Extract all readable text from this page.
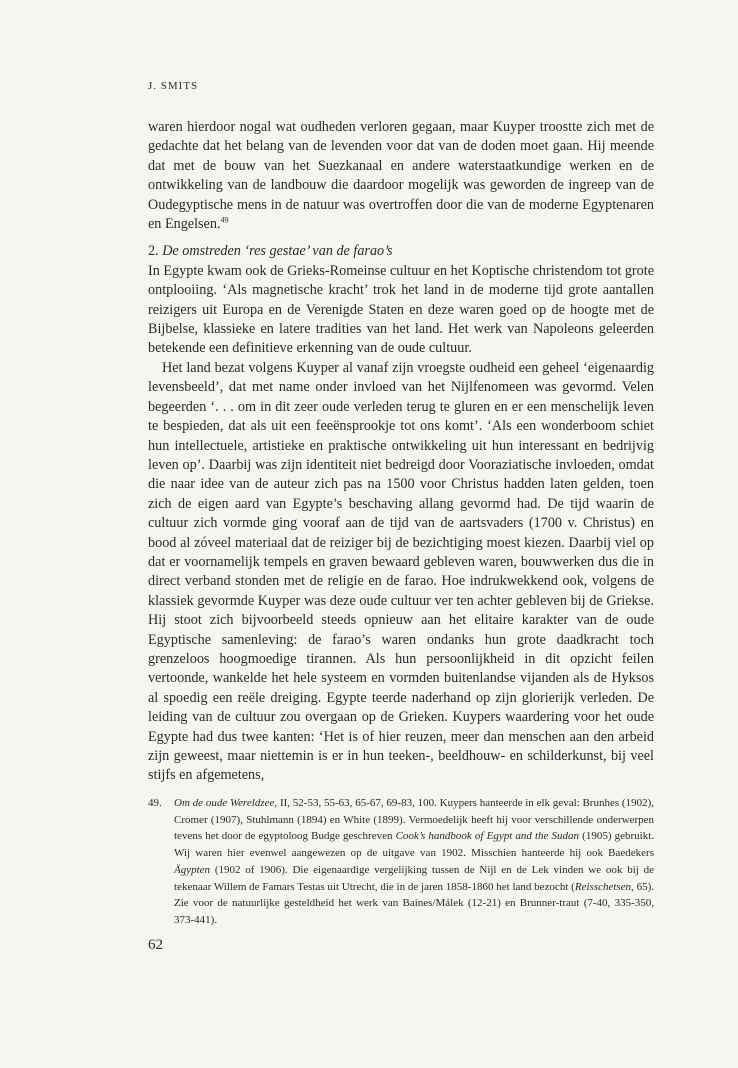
J. SMITS

waren hierdoor nogal wat oudheden verloren gegaan, maar Kuyper troostte zich met de gedachte dat het belang van de levenden voor dat van de doden moet gaan. Hij meende dat met de bouw van het Suezkanaal en andere waterstaatkundige werken en de ontwikkeling van de landbouw die daardoor mogelijk was geworden de ingreep van de Oudegyptische mens in de natuur was overtroffen door die van de moderne Egyptenaren en Engelsen.$^{49}$

2. De omstreden ‘res gestae’ van de farao’s

In Egypte kwam ook de Grieks-Romeinse cultuur en het Koptische christendom tot grote ontplooiing. ‘Als magnetische kracht’ trok het land in de moderne tijd grote aantallen reizigers uit Europa en de Verenigde Staten en deze waren goed op de hoogte met de Bijbelse, klassieke en latere tradities van het land. Het werk van Napoleons geleerden betekende een definitieve erkenning van de oude cultuur.

Het land bezat volgens Kuyper al vanaf zijn vroegste oudheid een geheel ‘eigenaardig levensbeeld’, dat met name onder invloed van het Nijlfenomeen was gevormd. Velen begeerden ‘. . . om in dit zeer oude verleden terug te gluren en er een menschelijk leven te bespieden, dat als uit een feeënsprookje tot ons komt’. ‘Als een wonderboom schiet hun intellectuele, artistieke en praktische ontwikkeling uit hun interessant en bedrijvig leven op’. Daarbij was zijn identiteit niet bedreigd door Vooraziatische invloeden, omdat die naar idee van de auteur zich pas na 1500 voor Christus hadden laten gelden, toen zich de eigen aard van Egypte’s beschaving allang gevormd had. De tijd waarin de cultuur zich vormde ging vooraf aan de tijd van de aartsvaders (1700 v. Christus) en bood al zóveel materiaal dat de reiziger bij de bezichtiging moest kiezen. Daarbij viel op dat er voornamelijk tempels en graven bewaard gebleven waren, bouwwerken dus die in direct verband stonden met de religie en de farao. Hoe indrukwekkend ook, volgens de klassiek gevormde Kuyper was deze oude cultuur ver ten achter gebleven bij de Griekse. Hij stoot zich bijvoorbeeld steeds opnieuw aan het elitaire karakter van de oude Egyptische samenleving: de farao’s waren ondanks hun grote daadkracht toch grenzeloos hoogmoedige tirannen. Als hun persoonlijkheid in dit opzicht feilen vertoonde, wankelde het hele systeem en vormden buitenlandse vijanden als de Hyksos al spoedig een reële dreiging. Egypte teerde naderhand op zijn glorierijk verleden. De leiding van de cultuur zou overgaan op de Grieken. Kuypers waardering voor het oude Egypte had dus twee kanten: ‘Het is of hier reuzen, meer dan menschen aan den arbeid zijn geweest, maar niettemin is er in hun teeken-, beeldhouw- en schilderkunst, bij veel stijfs en afgemetens,

49.	Om de oude Wereldzee, II, 52-53, 55-63, 65-67, 69-83, 100. Kuypers hanteerde in elk geval: Brunhes (1902), Cromer (1907), Stuhlmann (1894) en White (1899). Vermoedelijk heeft hij voor verschillende onderwerpen tevens het door de egyptoloog Budge geschreven Cook’s handbook of Egypt and the Sudan (1905) gebruikt. Wij waren hier evenwel aangewezen op de uitgave van 1902. Misschien hanteerde hij ook Baedekers Ägypten (1902 of 1906). Die eigenaardige vergelijking tussen de Nijl en de Lek vinden we ook bij de tekenaar Willem de Famars Testas uit Utrecht, die in de jaren 1858-1860 het land bezocht (Reisschetsen, 65). Zie voor de natuurlijke gesteldheid het werk van Baines/Málek (12-21) en Brunner-traut (7-40, 335-350, 373-441).
62
